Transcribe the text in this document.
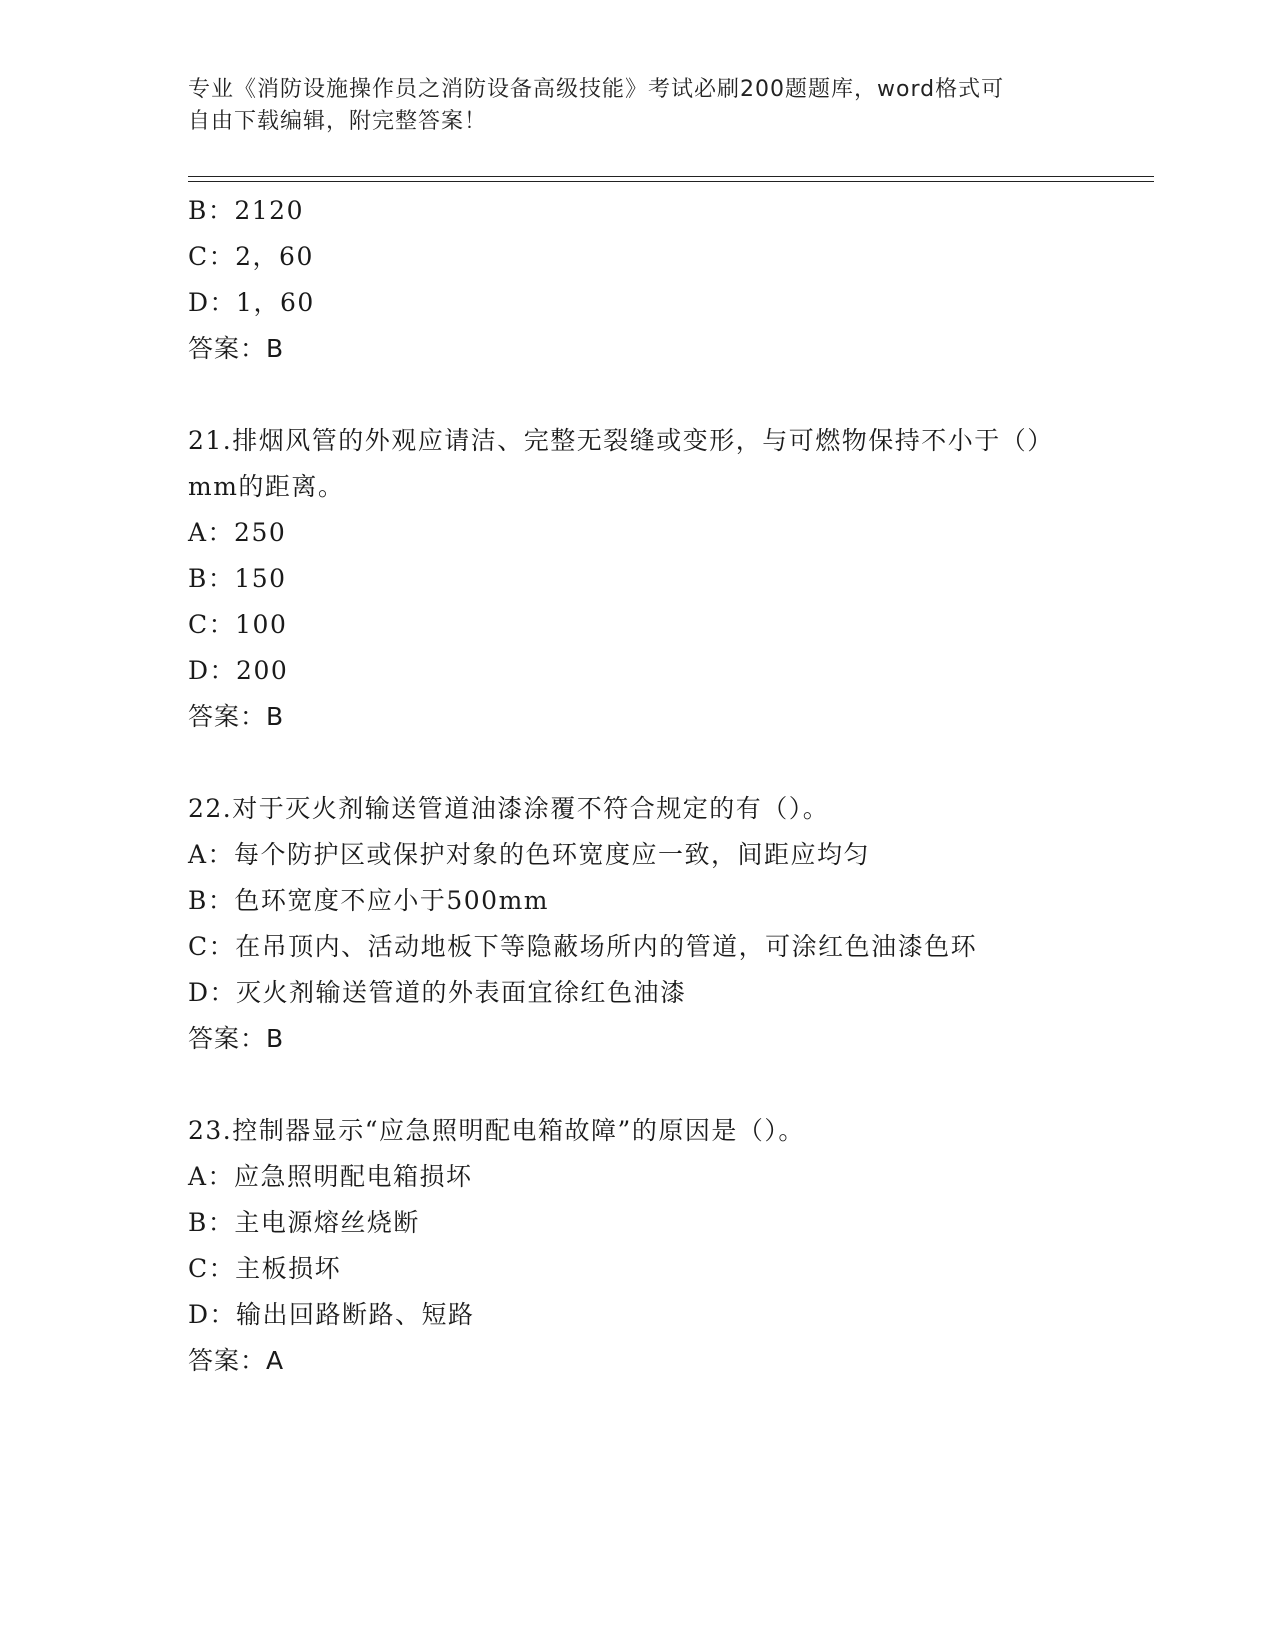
专业《消防设施操作员之消防设备高级技能》考试必刷200题题库，word格式可
自由下载编辑，附完整答案！

B：2120

C：2，60

D：1，60

答案：B

21.排烟风管的外观应请洁、完整无裂缝或变形，与可燃物保持不小于（）mm的距离。

A：250

B：150

C：100

D：200

答案：B

22.对于灭火剂输送管道油漆涂覆不符合规定的有（）。

A：每个防护区或保护对象的色环宽度应一致，间距应均匀

B：色环宽度不应小于500mm

C：在吊顶内、活动地板下等隐蔽场所内的管道，可涂红色油漆色环

D：灭火剂输送管道的外表面宜徐红色油漆

答案：B

23.控制器显示“应急照明配电箱故障”的原因是（）。

A：应急照明配电箱损坏

B：主电源熔丝烧断

C：主板损坏

D：输出回路断路、短路

答案：A
